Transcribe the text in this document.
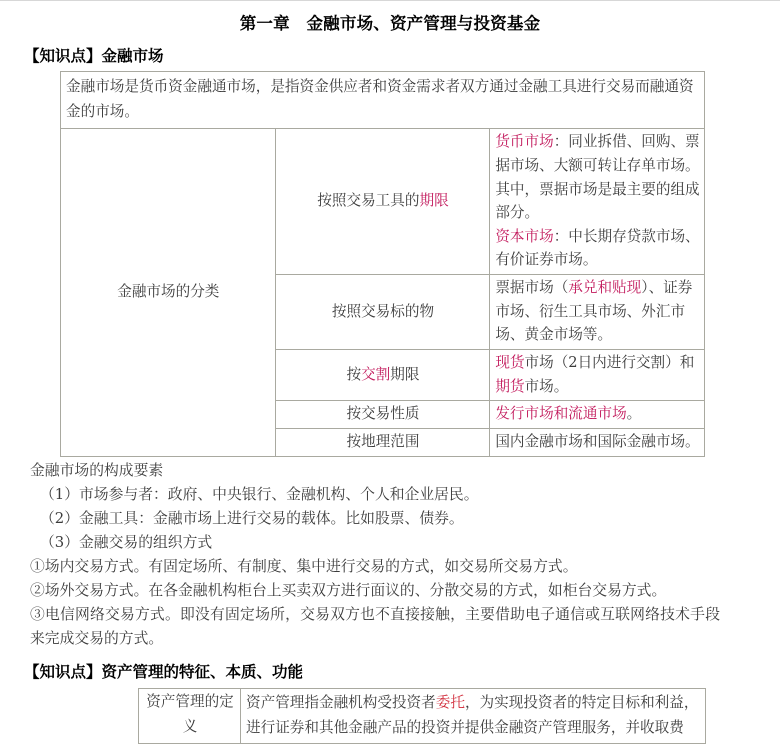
第一章　金融市场、资产管理与投资基金
【知识点】金融市场
金融市场是货币资金融通市场，是指资金供应者和资金需求者双方通过金融工具进行交易而融通资金的市场。		
金融市场的分类	按照交易工具的期限	货币市场：同业拆借、回购、票据市场、大额可转让存单市场。
其中，票据市场是最主要的组成部分。
资本市场：中长期存贷款市场、有价证券市场。

	按照交易标的物	票据市场（承兑和贴现）、证券市场、衍生工具市场、外汇市场、黄金市场等。
	按交割期限	现货市场（2日内进行交割）和期货市场。
	按交易性质	发行市场和流通市场。
	按地理范围	国内金融市场和国际金融市场。

金融市场的构成要素

（1）市场参与者：政府、中央银行、金融机构、个人和企业居民。

（2）金融工具：金融市场上进行交易的载体。比如股票、债券。

（3）金融交易的组织方式

①场内交易方式。有固定场所、有制度、集中进行交易的方式，如交易所交易方式。

②场外交易方式。在各金融机构柜台上买卖双方进行面议的、分散交易的方式，如柜台交易方式。

③电信网络交易方式。即没有固定场所，交易双方也不直接接触，主要借助电子通信或互联网络技术手段来完成交易的方式。

【知识点】资产管理的特征、本质、功能
资产管理的定义	资产管理指金融机构受投资者委托，为实现投资者的特定目标和利益，进行证券和其他金融产品的投资并提供金融资产管理服务，并收取费
